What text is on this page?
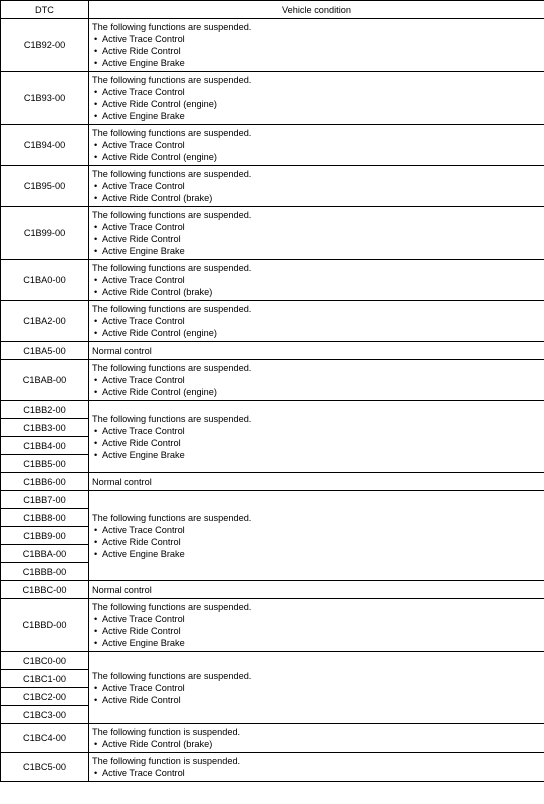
DTC	Vehicle condition
C1B92-00	The following functions are suspended.
• Active Trace Control
• Active Ride Control
• Active Engine Brake

C1B93-00	The following functions are suspended.
• Active Trace Control
• Active Ride Control (engine)
• Active Engine Brake

C1B94-00	The following functions are suspended.
• Active Trace Control
• Active Ride Control (engine)

C1B95-00	The following functions are suspended.
• Active Trace Control
• Active Ride Control (brake)

C1B99-00	The following functions are suspended.
• Active Trace Control
• Active Ride Control
• Active Engine Brake

C1BA0-00	The following functions are suspended.
• Active Trace Control
• Active Ride Control (brake)

C1BA2-00	The following functions are suspended.
• Active Trace Control
• Active Ride Control (engine)

C1BA5-00	Normal control

C1BAB-00	The following functions are suspended.
• Active Trace Control
• Active Ride Control (engine)

C1BB2-00	The following functions are suspended.
• Active Trace Control
• Active Ride Control
• Active Engine Brake

C1BB3-00	
C1BB4-00	
C1BB5-00	
C1BB6-00	Normal control

C1BB7-00	The following functions are suspended.
• Active Trace Control
• Active Ride Control
• Active Engine Brake

C1BB8-00	
C1BB9-00	
C1BBA-00	
C1BBB-00	
C1BBC-00	Normal control

C1BBD-00	The following functions are suspended.
• Active Trace Control
• Active Ride Control
• Active Engine Brake

C1BC0-00	The following functions are suspended.
• Active Trace Control
• Active Ride Control

C1BC1-00	
C1BC2-00	
C1BC3-00	
C1BC4-00	The following function is suspended.
• Active Ride Control (brake)

C1BC5-00	The following function is suspended.
• Active Trace Control
